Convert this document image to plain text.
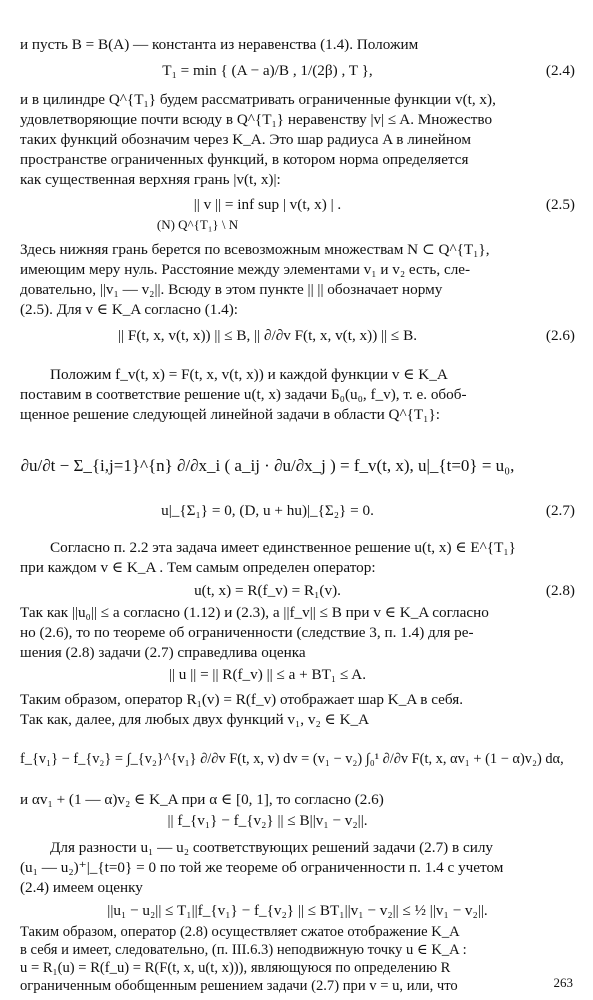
и пусть B = B(A) — константа из неравенства (1.4). Положим
T₁ = min { (A − a)/B , 1/(2β) , T },	(2.4)
и в цилиндре Q^{T₁} будем рассматривать ограниченные функции v(t, x),
удовлетворяющие почти всюду в Q^{T₁} неравенству |v| ≤ A. Множество
таких функций обозначим через K_A. Это шар радиуса A в линейном
пространстве ограниченных функций, в котором норма определяется
как существенная верхняя грань |v(t, x)|:
|| v || = inf sup | v(t, x) | .	(2.5)
(N) Q^{T₁} \ N
Здесь нижняя грань берется по всевозможным множествам N ⊂ Q^{T₁},
имеющим меру нуль. Расстояние между элементами v₁ и v₂ есть, сле-
довательно, ||v₁ — v₂||. Всюду в этом пункте || || обозначает норму
(2.5). Для v ∈ K_A согласно (1.4):
|| F(t, x, v(t, x)) || ≤ B, || ∂/∂v F(t, x, v(t, x)) || ≤ B.	(2.6)
Положим f_v(t, x) = F(t, x, v(t, x)) и каждой функции v ∈ K_A
поставим в соответствие решение u(t, x) задачи Б₀(u₀, f_v), т. е. обоб-
щенное решение следующей линейной задачи в области Q^{T₁}:
∂u/∂t − Σ_{i,j=1}^{n} ∂/∂x_i ( a_ij · ∂u/∂x_j ) = f_v(t, x), u|_{t=0} = u₀,
u|_{Σ₁} = 0, (D, u + hu)|_{Σ₂} = 0.	(2.7)
Согласно п. 2.2 эта задача имеет единственное решение u(t, x) ∈ E^{T₁}
при каждом v ∈ K_A . Тем самым определен оператор:
u(t, x) = R(f_v) = R₁(v).	(2.8)
Так как ||u₀|| ≤ a согласно (1.12) и (2.3), а ||f_v|| ≤ B при v ∈ K_A согласно
но (2.6), то по теореме об ограниченности (следствие 3, п. 1.4) для ре-
шения (2.8) задачи (2.7) справедлива оценка
|| u || = || R(f_v) || ≤ a + BT₁ ≤ A.
Таким образом, оператор R₁(v) = R(f_v) отображает шар K_A в себя.
Так как, далее, для любых двух функций v₁, v₂ ∈ K_A
f_{v₁} − f_{v₂} = ∫_{v₂}^{v₁} ∂/∂v F(t, x, v) dv = (v₁ − v₂) ∫₀¹ ∂/∂v F(t, x, αv₁ + (1 − α)v₂) dα,
и αv₁ + (1 — α)v₂ ∈ K_A при α ∈ [0, 1], то согласно (2.6)
|| f_{v₁} − f_{v₂} || ≤ B||v₁ − v₂||.
Для разности u₁ — u₂ соответствующих решений задачи (2.7) в силу
(u₁ — u₂)⁺|_{t=0} = 0 по той же теореме об ограниченности п. 1.4 с учетом
(2.4) имеем оценку
||u₁ − u₂|| ≤ T₁||f_{v₁} − f_{v₂} || ≤ BT₁||v₁ − v₂|| ≤ ½ ||v₁ − v₂||.
Таким образом, оператор (2.8) осуществляет сжатое отображение K_A
в себя и имеет, следовательно, (п. III.6.3) неподвижную точку u ∈ K_A :
u = R₁(u) = R(f_u) = R(F(t, x, u(t, x))), являющуюся по определению R
ограниченным обобщенным решением задачи (2.7) при v = u, или, что	263
